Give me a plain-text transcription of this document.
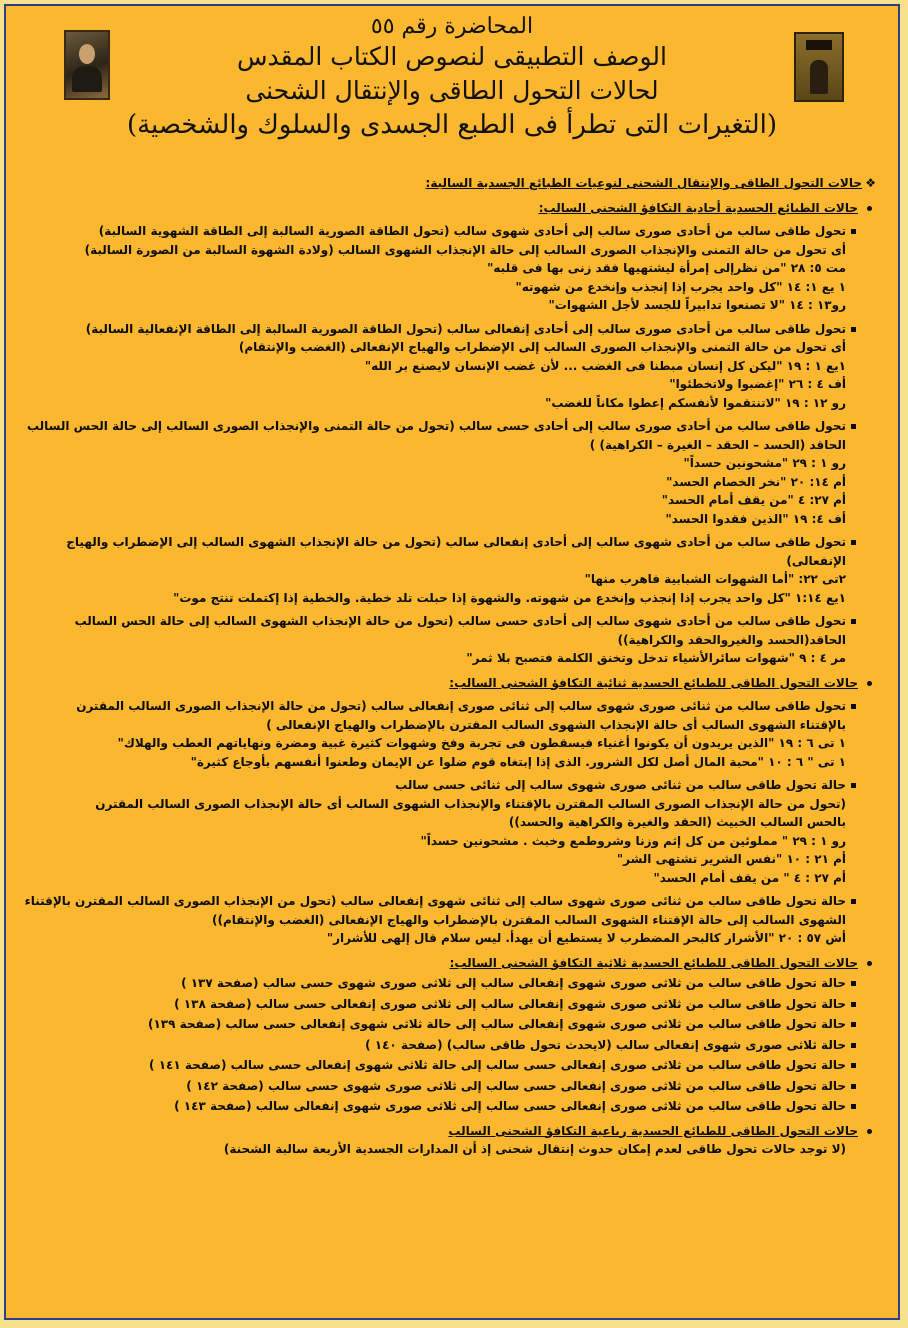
المحاضرة رقم ٥٥
الوصف التطبيقى لنصوص الكتاب المقدس
لحالات التحول الطاقى والإنتقال الشحنى
(التغيرات التى تطرأ فى الطبع الجسدى والسلوك والشخصية)
❖
حالات التحول الطاقى والإنتقال الشحنى لنوعيات الطبائع الجسدية السالبة:
حالات الطبائع الجسدية أحادية التكافؤ الشحنى السالب:
تحول طاقى سالب من أحادى صورى سالب إلى أحادى شهوى سالب (تحول الطاقة الصورية السالبة إلى الطاقة الشهوية السالبة)
أى تحول من حالة التمنى والإنجذاب الصورى السالب إلى حالة الإنجذاب الشهوى السالب (ولادة الشهوة السالبة من الصورة السالبة)
مت ٥: ٢٨ "من نظرإلى إمرأة ليشتهيها فقد زنى بها فى قلبه"
١ يع ١: ١٤ "كل واحد يجرب إذا إنجذب وإنخدع من شهوته"
رو١٣ : ١٤ "لا تصنعوا تدابيراً للجسد لأجل الشهوات"
تحول طاقى سالب من أحادى صورى سالب إلى أحادى إنفعالى سالب (تحول الطاقة الصورية السالبة إلى الطاقة الإنفعالية السالبة)
أى تحول من حالة التمنى والإنجذاب الصورى السالب إلى الإضطراب والهياج الإنفعالى (الغضب والإنتقام)
١يع ١ : ١٩ "ليكن كل إنسان مبطنا فى الغضب ... لأن غضب الإنسان لايصنع بر الله"
أف ٤ : ٢٦ "إغضبوا ولاتخطئوا"
رو ١٢ : ١٩ "لاتنتقموا لأنفسكم إعطوا مكاناً للغضب"
تحول طاقى سالب من أحادى صورى سالب إلى أحادى حسى سالب (تحول من حالة التمنى والإنجذاب الصورى السالب إلى حالة الحس السالب
الحاقد (الحسد – الحقد – الغيرة – الكراهية) )
رو ١ : ٢٩ "مشحونين حسداً"
أم ١٤: ٢٠ "نخر الخصام الحسد"
أم ٢٧: ٤ "من يقف أمام الحسد"
أف ٤: ١٩ "الذين فقدوا الحسد"
تحول طاقى سالب من أحادى شهوى سالب إلى أحادى إنفعالى سالب (تحول من حالة الإنجذاب الشهوى السالب إلى الإضطراب والهياج
الإنفعالى)
٢تى ٢٢: "أما الشهوات الشبابية فاهرب منها"
١يع ١:١٤ "كل واحد يجرب إذا إنجذب وإنخدع من شهوته. والشهوة إذا حبلت تلد خطية. والخطية إذا إكتملت تنتج موت"
تحول طاقى سالب من أحادى شهوى سالب إلى أحادى حسى سالب (تحول من حالة الإنجذاب الشهوى السالب إلى حالة الحس السالب
الحاقد(الحسد والغيروالحقد والكراهية))
مر ٤ : ٩ "شهوات سائرالأشياء تدخل وتخنق الكلمة فتصبح بلا ثمر"
حالات التحول الطاقى للطبائع الجسدية ثنائية التكافؤ الشحنى السالب:
تحول طاقى سالب من ثنائى صورى شهوى سالب إلى ثنائى صورى إنفعالى سالب (تحول من حالة الإنجذاب الصورى السالب المقترن
بالإقتناء الشهوى السالب أى حالة الإنجذاب الشهوى السالب المقترن بالإضطراب والهياج الإنفعالى )
١ تى ٦ : ١٩ "الذين يريدون أن يكونوا أغنياء فيسقطون فى تجربة وفخ وشهوات كثيرة غبية ومضرة ونهاياتهم العطب والهلاك"
١ تى " ٦ : ١٠ "محبة المال أصل لكل الشرور. الذى إذا إبتغاه قوم ضلوا عن الإيمان وطعنوا أنفسهم بأوجاع كثيرة"
حالة تحول طاقى سالب من ثنائى صورى شهوى سالب إلى ثنائى حسى سالب
(تحول من حالة الإنجذاب الصورى السالب المقترن بالإقتناء والإنجذاب الشهوى السالب أى حالة الإنجذاب الصورى السالب المقترن
بالحس السالب الخبيث (الحقد والغيرة والكراهية والحسد))
رو ١ : ٢٩ " مملوئين من كل إثم وزنا وشروطمع وخبث . مشحونين حسداً"
أم ٢١ : ١٠ "نفس الشرير تشتهى الشر"
أم ٢٧ : ٤ " من يقف أمام الحسد"
حالة تحول طاقى سالب من ثنائى صورى شهوى سالب إلى ثنائى شهوى إنفعالى سالب (تحول من الإنجذاب الصورى السالب المقترن بالإقتناء
الشهوى السالب إلى حالة الإقتناء الشهوى السالب المقترن بالإضطراب والهياج الإنفعالى (الغضب والإنتقام))
أش ٥٧ : ٢٠ "الأشرار كالبحر المضطرب لا يستطيع أن يهدأ. ليس سلام قال إلهى للأشرار"
حالات التحول الطاقى للطبائع الجسدية ثلاثية التكافؤ الشحنى السالب:
حالة تحول طاقى سالب من ثلاثى صورى شهوى إنفعالى سالب إلى ثلاثى صورى شهوى حسى سالب (صفحة ١٣٧ )
حالة تحول طاقى سالب من ثلاثى صورى شهوى إنفعالى سالب إلى ثلاثى صورى إنفعالى حسى سالب (صفحة ١٣٨ )
حالة تحول طاقى سالب من ثلاثى صورى شهوى إنفعالى سالب إلى حالة ثلاثى شهوى إنفعالى حسى سالب (صفحة ١٣٩)
حالة ثلاثى صورى شهوى إنفعالى سالب (لايحدث تحول طاقى سالب) (صفحة ١٤٠ )
حالة تحول طاقى سالب من ثلاثى صورى إنفعالى حسى سالب إلى حالة ثلاثى شهوى إنفعالى حسى سالب (صفحة ١٤١ )
حالة تحول طاقى سالب من ثلاثى صورى إنفعالى حسى سالب إلى ثلاثى صورى شهوى حسى سالب (صفحة ١٤٢ )
حالة تحول طاقى سالب من ثلاثى صورى إنفعالى حسى سالب إلى ثلاثى صورى شهوى إنفعالى سالب (صفحة ١٤٣ )
حالات التحول الطاقى للطبائع الجسدية رباعية التكافؤ الشحنى السالب
(لا توجد حالات تحول طاقى لعدم إمكان حدوث إنتقال شحنى إذ أن المدارات الجسدية الأربعة سالبة الشحنة)
